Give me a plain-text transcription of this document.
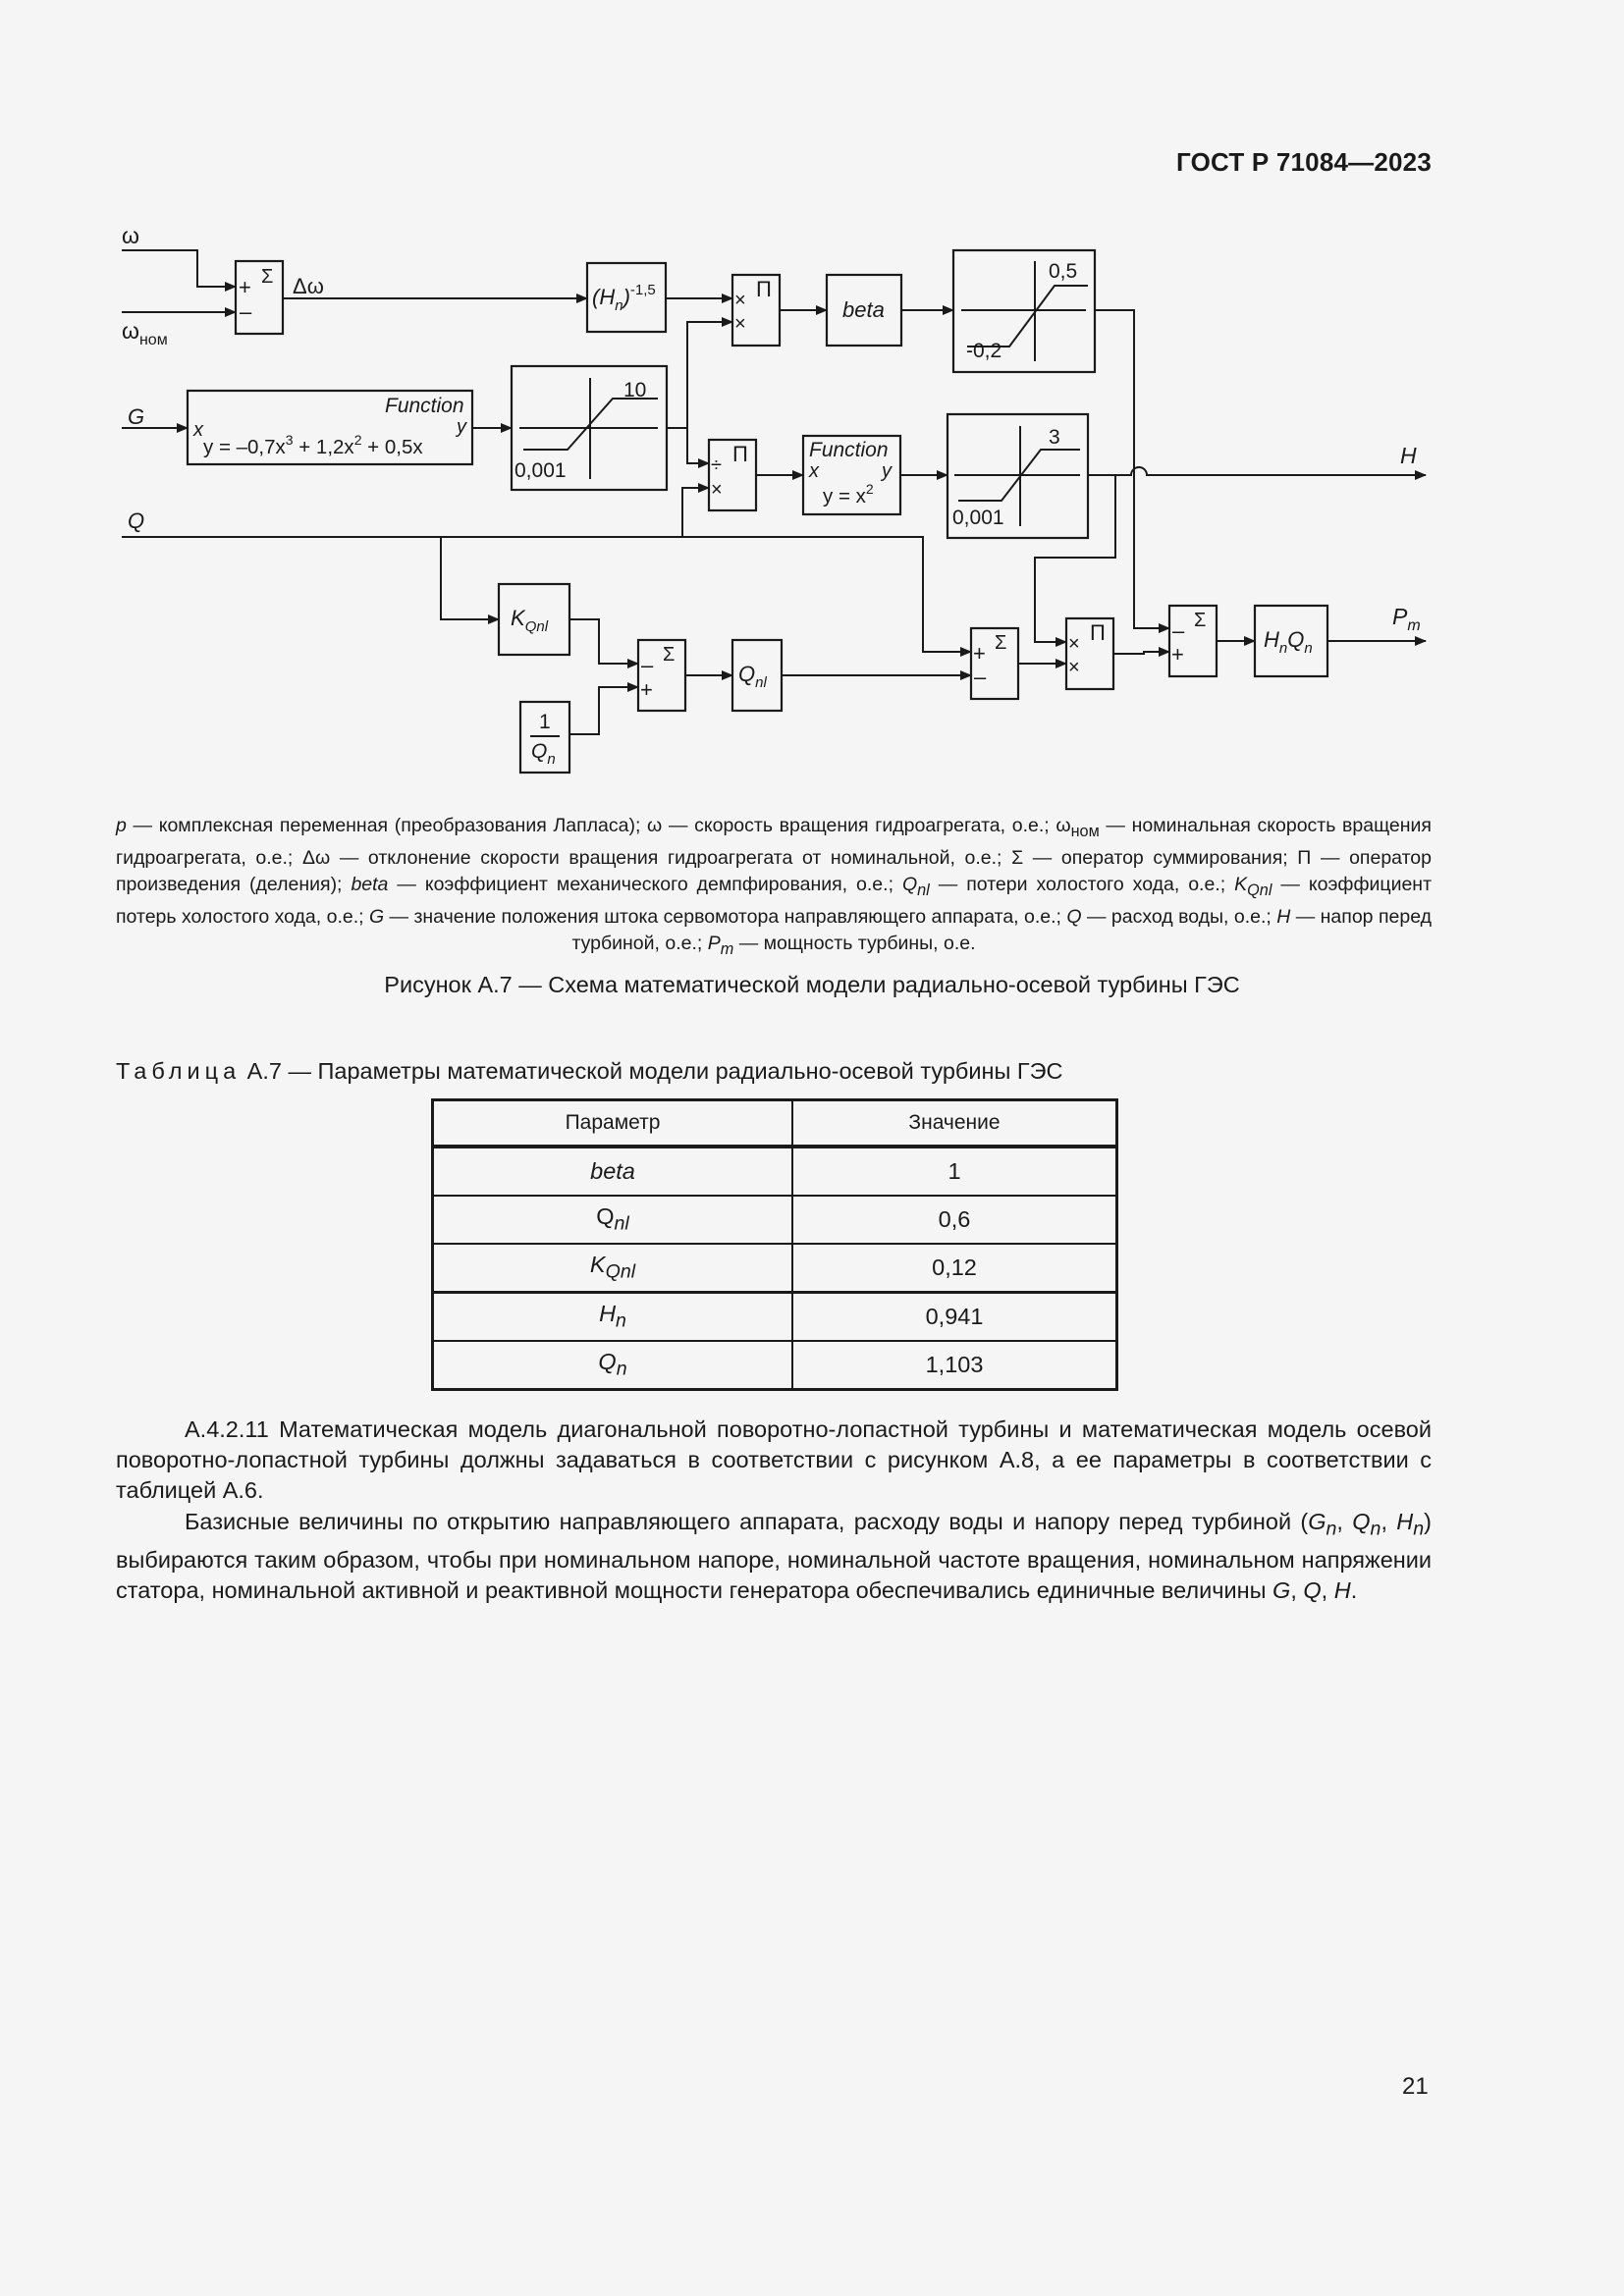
ГОСТ Р 71084—2023
ω
$\omega_{ном}$
G
Q
Σ
+
–
Δω	$(H_n)^{-1,5}$	Π
×
×
beta
0,5
-0,2
Function
x	y
$y = -0,7x^3 + 1,2x^2 + 0,5x$
10
0,001
Π
÷
×
Function
x	y
$y = x^2$
3
0,001
$K_{Qnl}$
1
$Q_n$
Σ
–
+
$Q_{nl}$
Σ
+
–
Π
×
×
Σ
–
+
$H_nQ_n$
H
$P_m$
p — комплексная переменная (преобразования Лапласа); ω — скорость вращения гидроагрегата, о.е.; $\omega_{ном}$ — номинальная скорость вращения гидроагрегата, о.е.; Δω — отклонение скорости вращения гидроагрегата от номинальной, о.е.; Σ — оператор суммирования; Π — оператор произведения (деления); beta — коэффициент механического демпфирования, о.е.; $Q_{nl}$ — потери холостого хода, о.е.; $K_{Qnl}$ — коэффициент потерь холостого хода, о.е.; G — значение положения штока сервомотора направляющего аппарата, о.е.; Q — расход воды, о.е.; H — напор перед турбиной, о.е.; $P_m$ — мощность турбины, о.е.
Рисунок А.7 — Схема математической модели радиально-осевой турбины ГЭС
Таблица А.7 — Параметры математической модели радиально-осевой турбины ГЭС
Параметр	Значение
beta	1
$Q_{nl}$	0,6
$K_{Qnl}$	0,12
$H_n$	0,941
$Q_n$	1,103
А.4.2.11 Математическая модель диагональной поворотно-лопастной турбины и математическая модель осевой поворотно-лопастной турбины должны задаваться в соответствии с рисунком А.8, а ее параметры в соответствии с таблицей А.6.
Базисные величины по открытию направляющего аппарата, расходу воды и напору перед турбиной ($G_n$, $Q_n$, $H_n$) выбираются таким образом, чтобы при номинальном напоре, номинальной частоте вращения, номинальном напряжении статора, номинальной активной и реактивной мощности генератора обеспечивались единичные величины G, Q, H.
21
